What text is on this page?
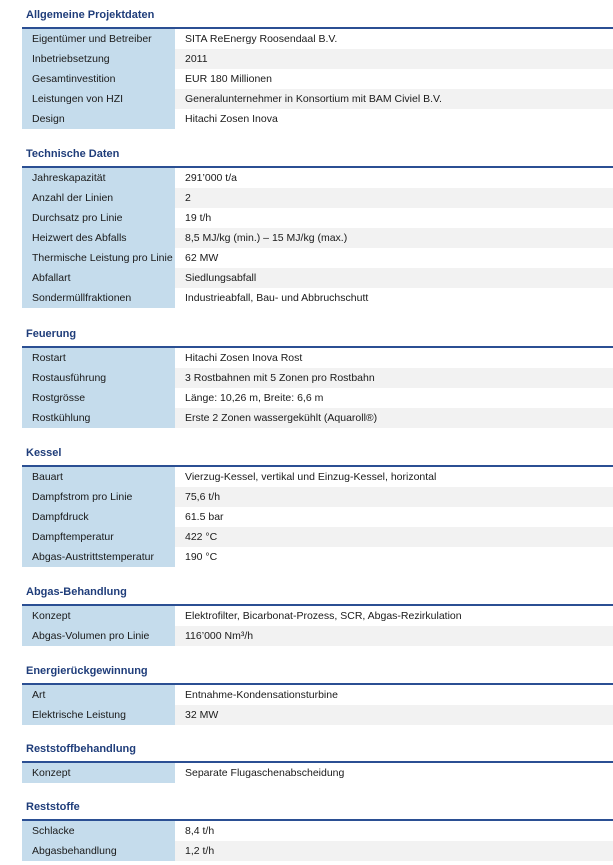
Allgemeine Projektdaten
Eigentümer und Betreiber	SITA ReEnergy Roosendaal B.V.
Inbetriebsetzung	2011
Gesamtinvestition	EUR 180 Millionen
Leistungen von HZI	Generalunternehmer in Konsortium mit BAM Civiel B.V.
Design	Hitachi Zosen Inova
Technische Daten
Jahreskapazität	291’000 t/a
Anzahl der Linien	2
Durchsatz pro Linie	19 t/h
Heizwert des Abfalls	8,5 MJ/kg (min.) – 15 MJ/kg (max.)
Thermische Leistung pro Linie	62 MW
Abfallart	Siedlungsabfall
Sondermüllfraktionen	Industrieabfall, Bau- und Abbruchschutt
Feuerung
Rostart	Hitachi Zosen Inova Rost
Rostausführung	3 Rostbahnen mit 5 Zonen pro Rostbahn
Rostgrösse	Länge: 10,26 m, Breite: 6,6 m
Rostkühlung	Erste 2 Zonen wassergekühlt (Aquaroll®)
Kessel
Bauart	Vierzug-Kessel, vertikal und Einzug-Kessel, horizontal
Dampfstrom pro Linie	75,6 t/h
Dampfdruck	61.5 bar
Dampftemperatur	422 °C
Abgas-Austrittstemperatur	190 °C
Abgas-Behandlung
Konzept	Elektrofilter, Bicarbonat-Prozess, SCR, Abgas-Rezirkulation
Abgas-Volumen pro Linie	116’000 Nm³/h
Energierückgewinnung
Art	Entnahme-Kondensationsturbine
Elektrische Leistung	32 MW
Reststoffbehandlung
Konzept	Separate Flugaschenabscheidung
Reststoffe
Schlacke	8,4 t/h
Abgasbehandlung	1,2 t/h
